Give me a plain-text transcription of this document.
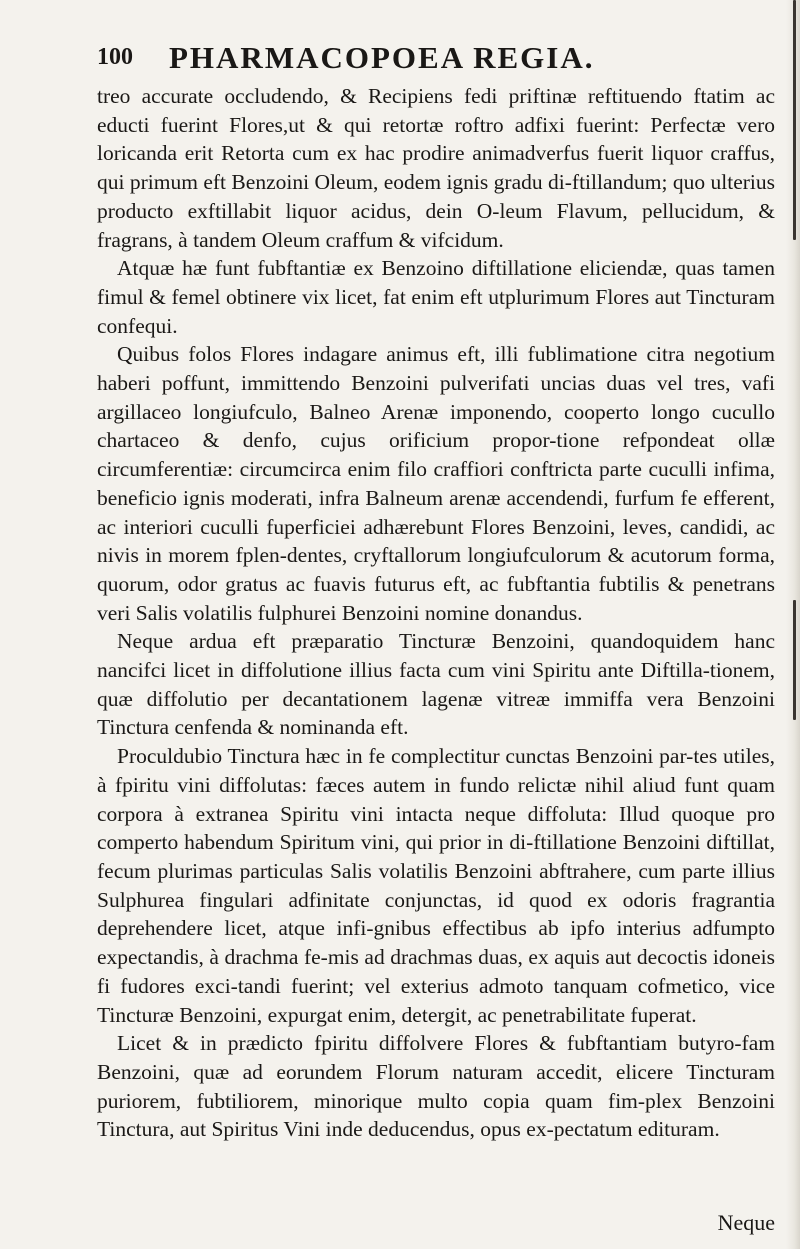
100 PHARMACOPOEA REGIA.

treo accurate occludendo, & Recipiens fedi priftinæ reftituendo ftatim ac educti fuerint Flores,ut & qui retortæ roftro adfixi fuerint: Perfectæ vero loricanda erit Retorta cum ex hac prodire animadverfus fuerit liquor craffus, qui primum eft Benzoini Oleum, eodem ignis gradu di-ftillandum; quo ulterius producto exftillabit liquor acidus, dein O-leum Flavum, pellucidum, & fragrans, à tandem Oleum craffum & vifcidum.

Atquæ hæ funt fubftantiæ ex Benzoino diftillatione eliciendæ, quas tamen fimul & femel obtinere vix licet, fat enim eft utplurimum Flores aut Tincturam confequi.

Quibus folos Flores indagare animus eft, illi fublimatione citra negotium haberi poffunt, immittendo Benzoini pulverifati uncias duas vel tres, vafi argillaceo longiufculo, Balneo Arenæ imponendo, cooperto longo cucullo chartaceo & denfo, cujus orificium propor-tione refpondeat ollæ circumferentiæ: circumcirca enim filo craffiori conftricta parte cuculli infima, beneficio ignis moderati, infra Balneum arenæ accendendi, furfum fe efferent, ac interiori cuculli fuperficiei adhærebunt Flores Benzoini, leves, candidi, ac nivis in morem fplen-dentes, cryftallorum longiufculorum & acutorum forma, quorum, odor gratus ac fuavis futurus eft, ac fubftantia fubtilis & penetrans veri Salis volatilis fulphurei Benzoini nomine donandus.

Neque ardua eft præparatio Tincturæ Benzoini, quandoquidem hanc nancifci licet in diffolutione illius facta cum vini Spiritu ante Diftilla-tionem, quæ diffolutio per decantationem lagenæ vitreæ immiffa vera Benzoini Tinctura cenfenda & nominanda eft.

Proculdubio Tinctura hæc in fe complectitur cunctas Benzoini par-tes utiles, à fpiritu vini diffolutas: fæces autem in fundo relictæ nihil aliud funt quam corpora à extranea Spiritu vini intacta neque diffoluta: Illud quoque pro comperto habendum Spiritum vini, qui prior in di-ftillatione Benzoini diftillat, fecum plurimas particulas Salis volatilis Benzoini abftrahere, cum parte illius Sulphurea fingulari adfinitate conjunctas, id quod ex odoris fragrantia deprehendere licet, atque infi-gnibus effectibus ab ipfo interius adfumpto expectandis, à drachma fe-mis ad drachmas duas, ex aquis aut decoctis idoneis fi fudores exci-tandi fuerint; vel exterius admoto tanquam cofmetico, vice Tincturæ Benzoini, expurgat enim, detergit, ac penetrabilitate fuperat.

Licet & in prædicto fpiritu diffolvere Flores & fubftantiam butyro-fam Benzoini, quæ ad eorundem Florum naturam accedit, elicere Tincturam puriorem, fubtiliorem, minorique multo copia quam fim-plex Benzoini Tinctura, aut Spiritus Vini inde deducendus, opus ex-pectatum edituram.

Neque
